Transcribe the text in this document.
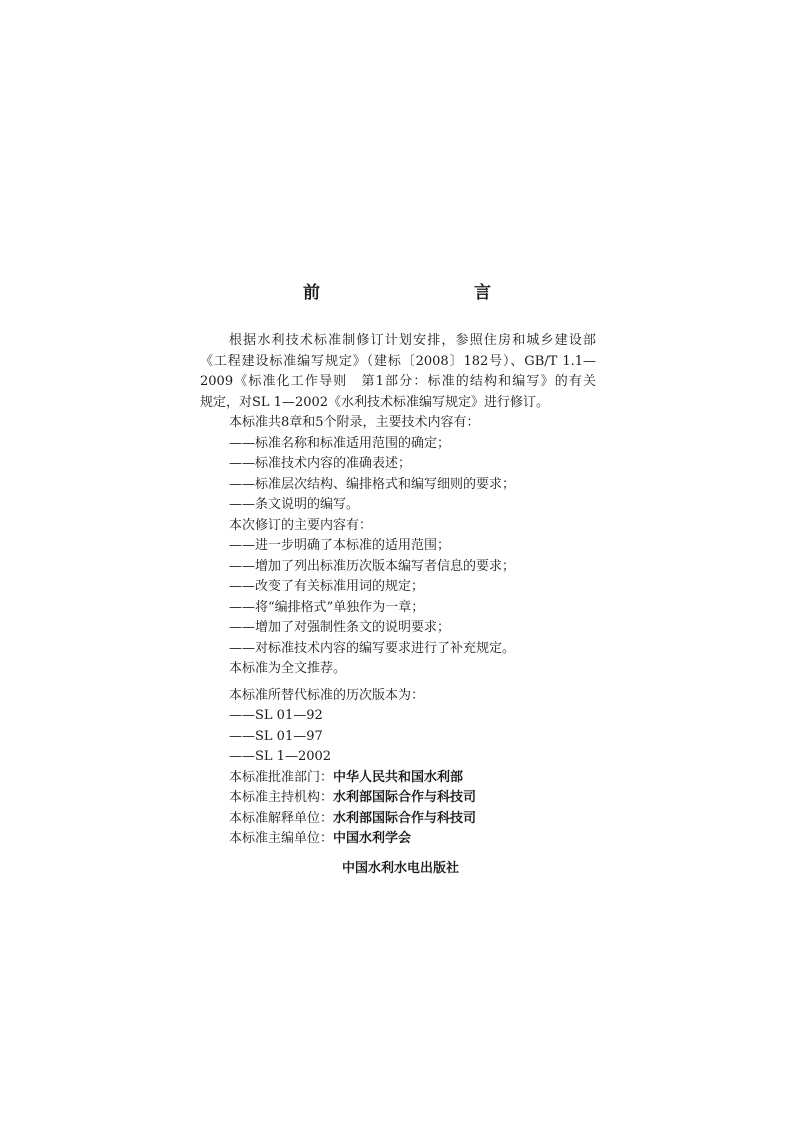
前　　言
根据水利技术标准制修订计划安排，参照住房和城乡建设部
《工程建设标准编写规定》（建标〔2008〕182号）、GB/T 1.1—
2009《标准化工作导则　第1部分：标准的结构和编写》的有关
规定，对SL 1—2002《水利技术标准编写规定》进行修订。
本标准共8章和5个附录，主要技术内容有：
——标准名称和标准适用范围的确定；
——标准技术内容的准确表述；
——标准层次结构、编排格式和编写细则的要求；
——条文说明的编写。
本次修订的主要内容有：
——进一步明确了本标准的适用范围；
——增加了列出标准历次版本编写者信息的要求；
——改变了有关标准用词的规定；
——将“编排格式”单独作为一章；
——增加了对强制性条文的说明要求；
——对标准技术内容的编写要求进行了补充规定。
本标准为全文推荐。
本标准所替代标准的历次版本为：
——SL 01—92
——SL 01—97
——SL 1—2002
本标准批准部门：中华人民共和国水利部
本标准主持机构：水利部国际合作与科技司
本标准解释单位：水利部国际合作与科技司
本标准主编单位：中国水利学会
中国水利水电出版社
